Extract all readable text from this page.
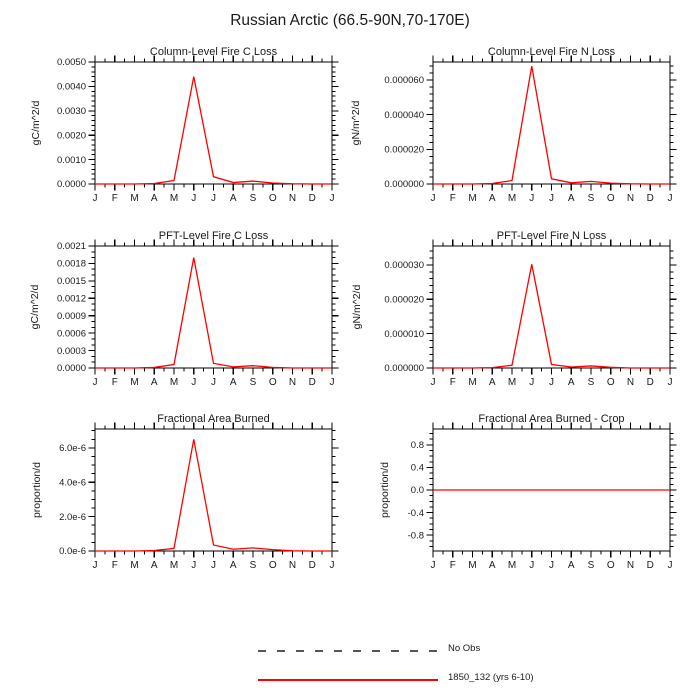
Russian Arctic (66.5-90N,70-170E)
Column-Level Fire C Loss
gC/m^2/d
J F M A M J J A S O N D J
0.0000
0.0010
0.0020
0.0030
0.0040
0.0050
Column-Level Fire N Loss
gN/m^2/d
J F M A M J J A S O N D J
0.000000
0.000020
0.000040
0.000060
PFT-Level Fire C Loss
gC/m^2/d
J F M A M J J A S O N D J
0.0000
0.0003
0.0006
0.0009
0.0012
0.0015
0.0018
0.0021
PFT-Level Fire N Loss
gN/m^2/d
J F M A M J J A S O N D J
0.000000
0.000010
0.000020
0.000030
Fractional Area Burned
proportion/d
J F M A M J J A S O N D J
0.0e-6
2.0e-6
4.0e-6
6.0e-6
Fractional Area Burned - Crop
proportion/d
J F M A M J J A S O N D J
-0.8
-0.4
0.0
0.4
0.8
No Obs
1850_132 (yrs 6-10)
